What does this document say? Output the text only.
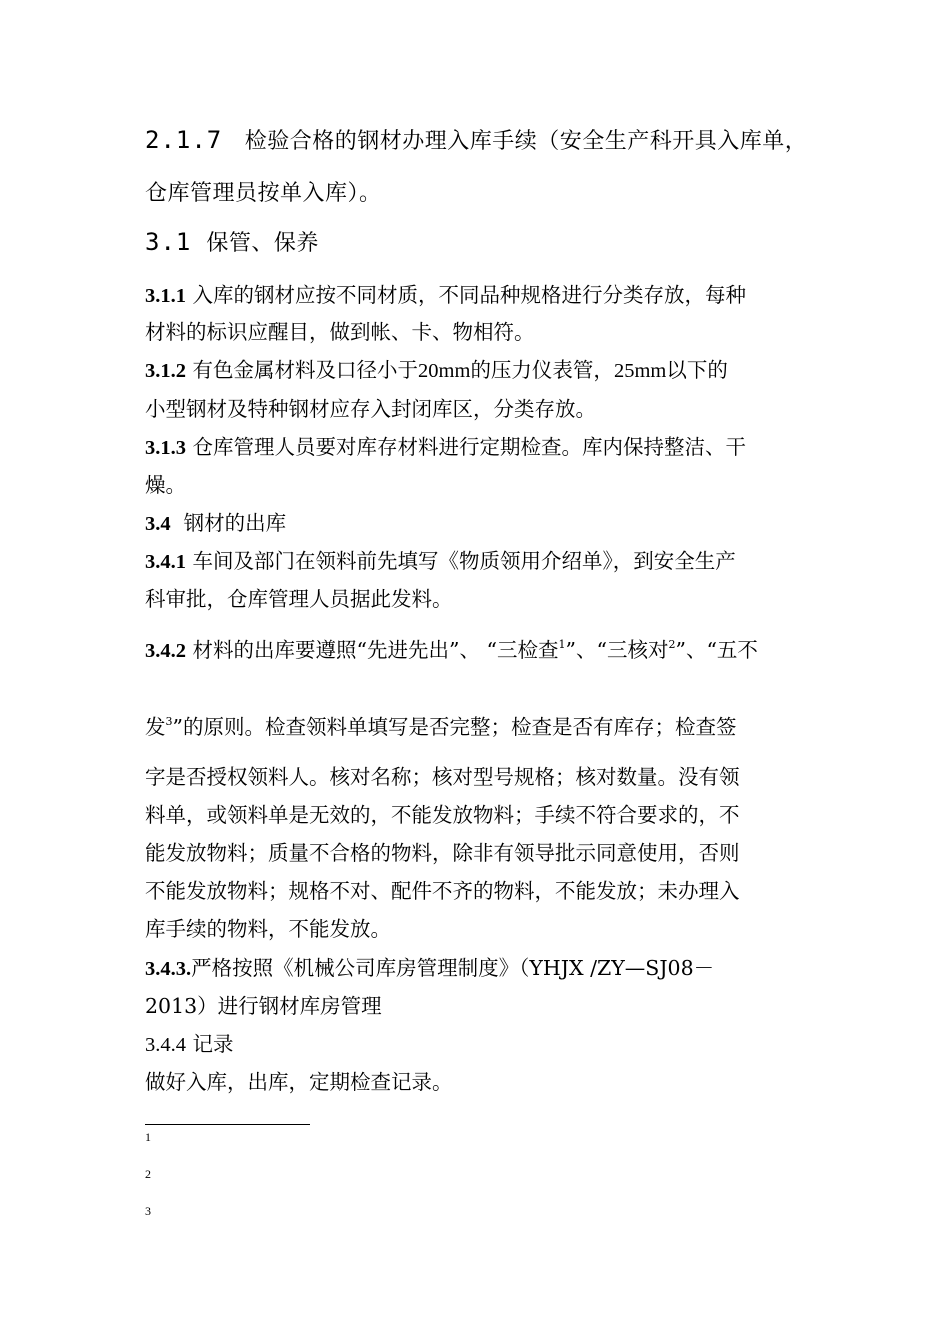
2.1.7 检验合格的钢材办理入库手续（安全生产科开具入库单，
仓库管理员按单入库）。
3.1 保管、保养
3.1.1 入库的钢材应按不同材质，不同品种规格进行分类存放，每种
材料的标识应醒目，做到帐、卡、物相符。
3.1.2 有色金属材料及口径小于20mm的压力仪表管，25mm以下的
小型钢材及特种钢材应存入封闭库区，分类存放。
3.1.3 仓库管理人员要对库存材料进行定期检查。库内保持整洁、干
燥。
3.4 钢材的出库
3.4.1 车间及部门在领料前先填写《物质领用介绍单》，到安全生产
科审批，仓库管理人员据此发料。
3.4.2 材料的出库要遵照“先进先出”、 “三检查$^1$”、“三核对$^2$”、“五不
发$^3$”的原则。检查领料单填写是否完整；检查是否有库存；检查签
字是否授权领料人。核对名称；核对型号规格；核对数量。没有领
料单，或领料单是无效的，不能发放物料；手续不符合要求的，不
能发放物料；质量不合格的物料，除非有领导批示同意使用，否则
不能发放物料；规格不对、配件不齐的物料，不能发放；未办理入
库手续的物料，不能发放。
3.4.3.严格按照《机械公司库房管理制度》（YHJX /ZY—SJ08－
2013）进行钢材库房管理
3.4.4 记录
做好入库，出库，定期检查记录。
1
2
3
